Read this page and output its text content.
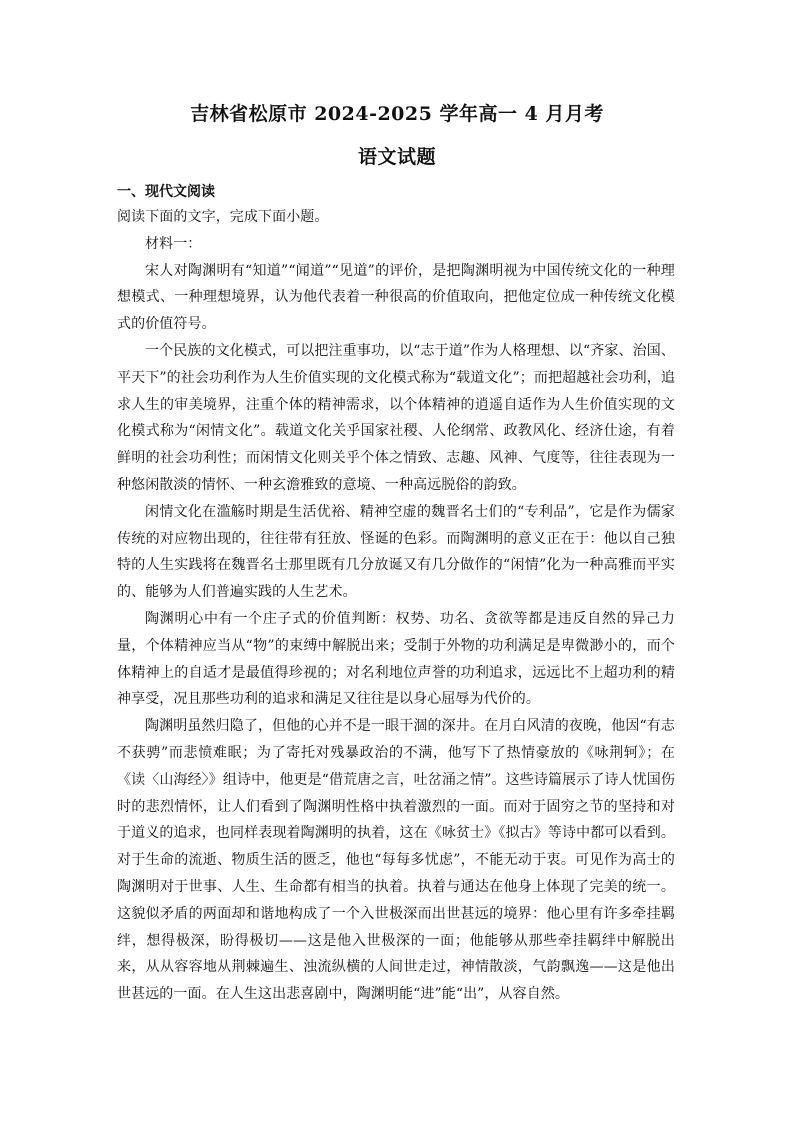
吉林省松原市 2024-2025 学年高一 4 月月考
语文试题
一、现代文阅读

阅读下面的文字，完成下面小题。

材料一：

宋人对陶渊明有“知道”“闻道”“见道”的评价，是把陶渊明视为中国传统文化的一种理想模式、一种理想境界，认为他代表着一种很高的价值取向，把他定位成一种传统文化模式的价值符号。

一个民族的文化模式，可以把注重事功，以“志于道”作为人格理想、以“齐家、治国、平天下”的社会功利作为人生价值实现的文化模式称为“载道文化”；而把超越社会功利，追求人生的审美境界，注重个体的精神需求，以个体精神的逍遥自适作为人生价值实现的文化模式称为“闲情文化”。载道文化关乎国家社稷、人伦纲常、政教风化、经济仕途，有着鲜明的社会功利性；而闲情文化则关乎个体之情致、志趣、风神、气度等，往往表现为一种悠闲散淡的情怀、一种玄澹雅致的意境、一种高远脱俗的韵致。

闲情文化在滥觞时期是生活优裕、精神空虚的魏晋名士们的“专利品”，它是作为儒家传统的对应物出现的，往往带有狂放、怪诞的色彩。而陶渊明的意义正在于：他以自己独特的人生实践将在魏晋名士那里既有几分放诞又有几分做作的“闲情”化为一种高雅而平实的、能够为人们普遍实践的人生艺术。

陶渊明心中有一个庄子式的价值判断：权势、功名、贪欲等都是违反自然的异己力量，个体精神应当从“物”的束缚中解脱出来；受制于外物的功利满足是卑微渺小的，而个体精神上的自适才是最值得珍视的；对名利地位声誉的功利追求，远远比不上超功利的精神享受，况且那些功利的追求和满足又往往是以身心屈辱为代价的。

陶渊明虽然归隐了，但他的心并不是一眼干涸的深井。在月白风清的夜晚，他因“有志不获骋”而悲愤难眠；为了寄托对残暴政治的不满，他写下了热情豪放的《咏荆轲》；在《读〈山海经〉》组诗中，他更是“借荒唐之言，吐岔涌之情”。这些诗篇展示了诗人忧国伤时的悲烈情怀，让人们看到了陶渊明性格中执着激烈的一面。而对于固穷之节的坚持和对于道义的追求，也同样表现着陶渊明的执着，这在《咏贫士》《拟古》等诗中都可以看到。对于生命的流逝、物质生活的匮乏，他也“每每多忧虑”，不能无动于衷。可见作为高士的陶渊明对于世事、人生、生命都有相当的执着。执着与通达在他身上体现了完美的统一。这貌似矛盾的两面却和谐地构成了一个入世极深而出世甚远的境界：他心里有许多牵挂羁绊，想得极深，盼得极切——这是他入世极深的一面；他能够从那些牵挂羁绊中解脱出来，从从容容地从荆棘遍生、浊流纵横的人间世走过，神情散淡，气韵飘逸——这是他出世甚远的一面。在人生这出悲喜剧中，陶渊明能“进”能“出”，从容自然。
